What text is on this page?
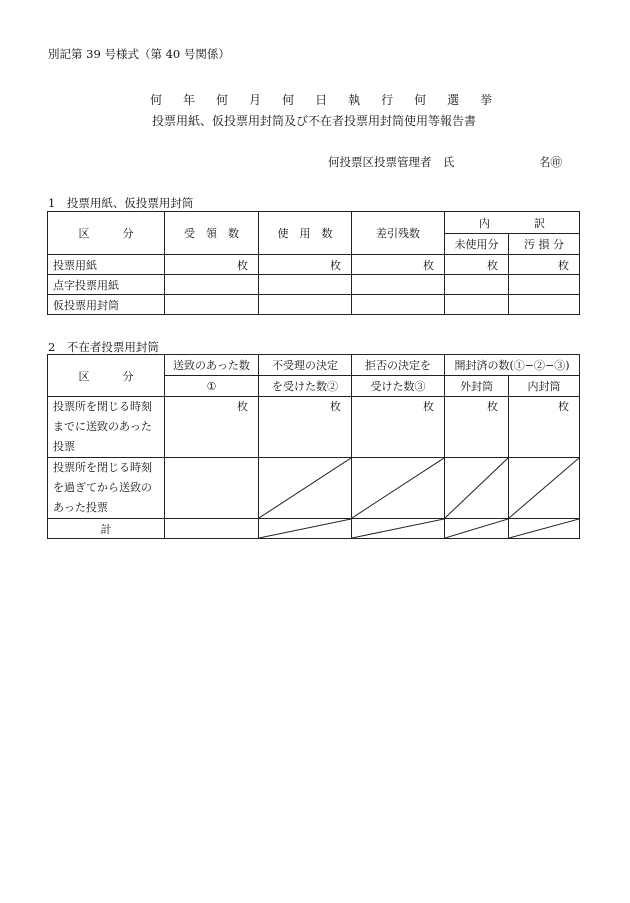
別記第 39 号様式（第 40 号関係）
何 年 何 月 何 日 執 行 何 選 挙
投票用紙、仮投票用封筒及び不在者投票用封筒使用等報告書
何投票区投票管理者　氏	名㊞
1　投票用紙、仮投票用封筒
区　　　分	受　領　数	使　用　数	差引残数	内　　　　訳	
				未使用分	汚 損 分
投票用紙	枚	枚	枚	枚	枚
点字投票用紙					
仮投票用封筒					
2　不在者投票用封筒
区　　　分	送致のあった数	不受理の決定	拒否の決定を	開封済の数(①−②−③)	
	①	を受けた数②	受けた数③	外封筒	内封筒

投票所を閉じる時刻
までに送致のあった
投票	枚	枚	枚	枚	枚

投票所を閉じる時刻
を過ぎてから送致の
あった投票

計		
